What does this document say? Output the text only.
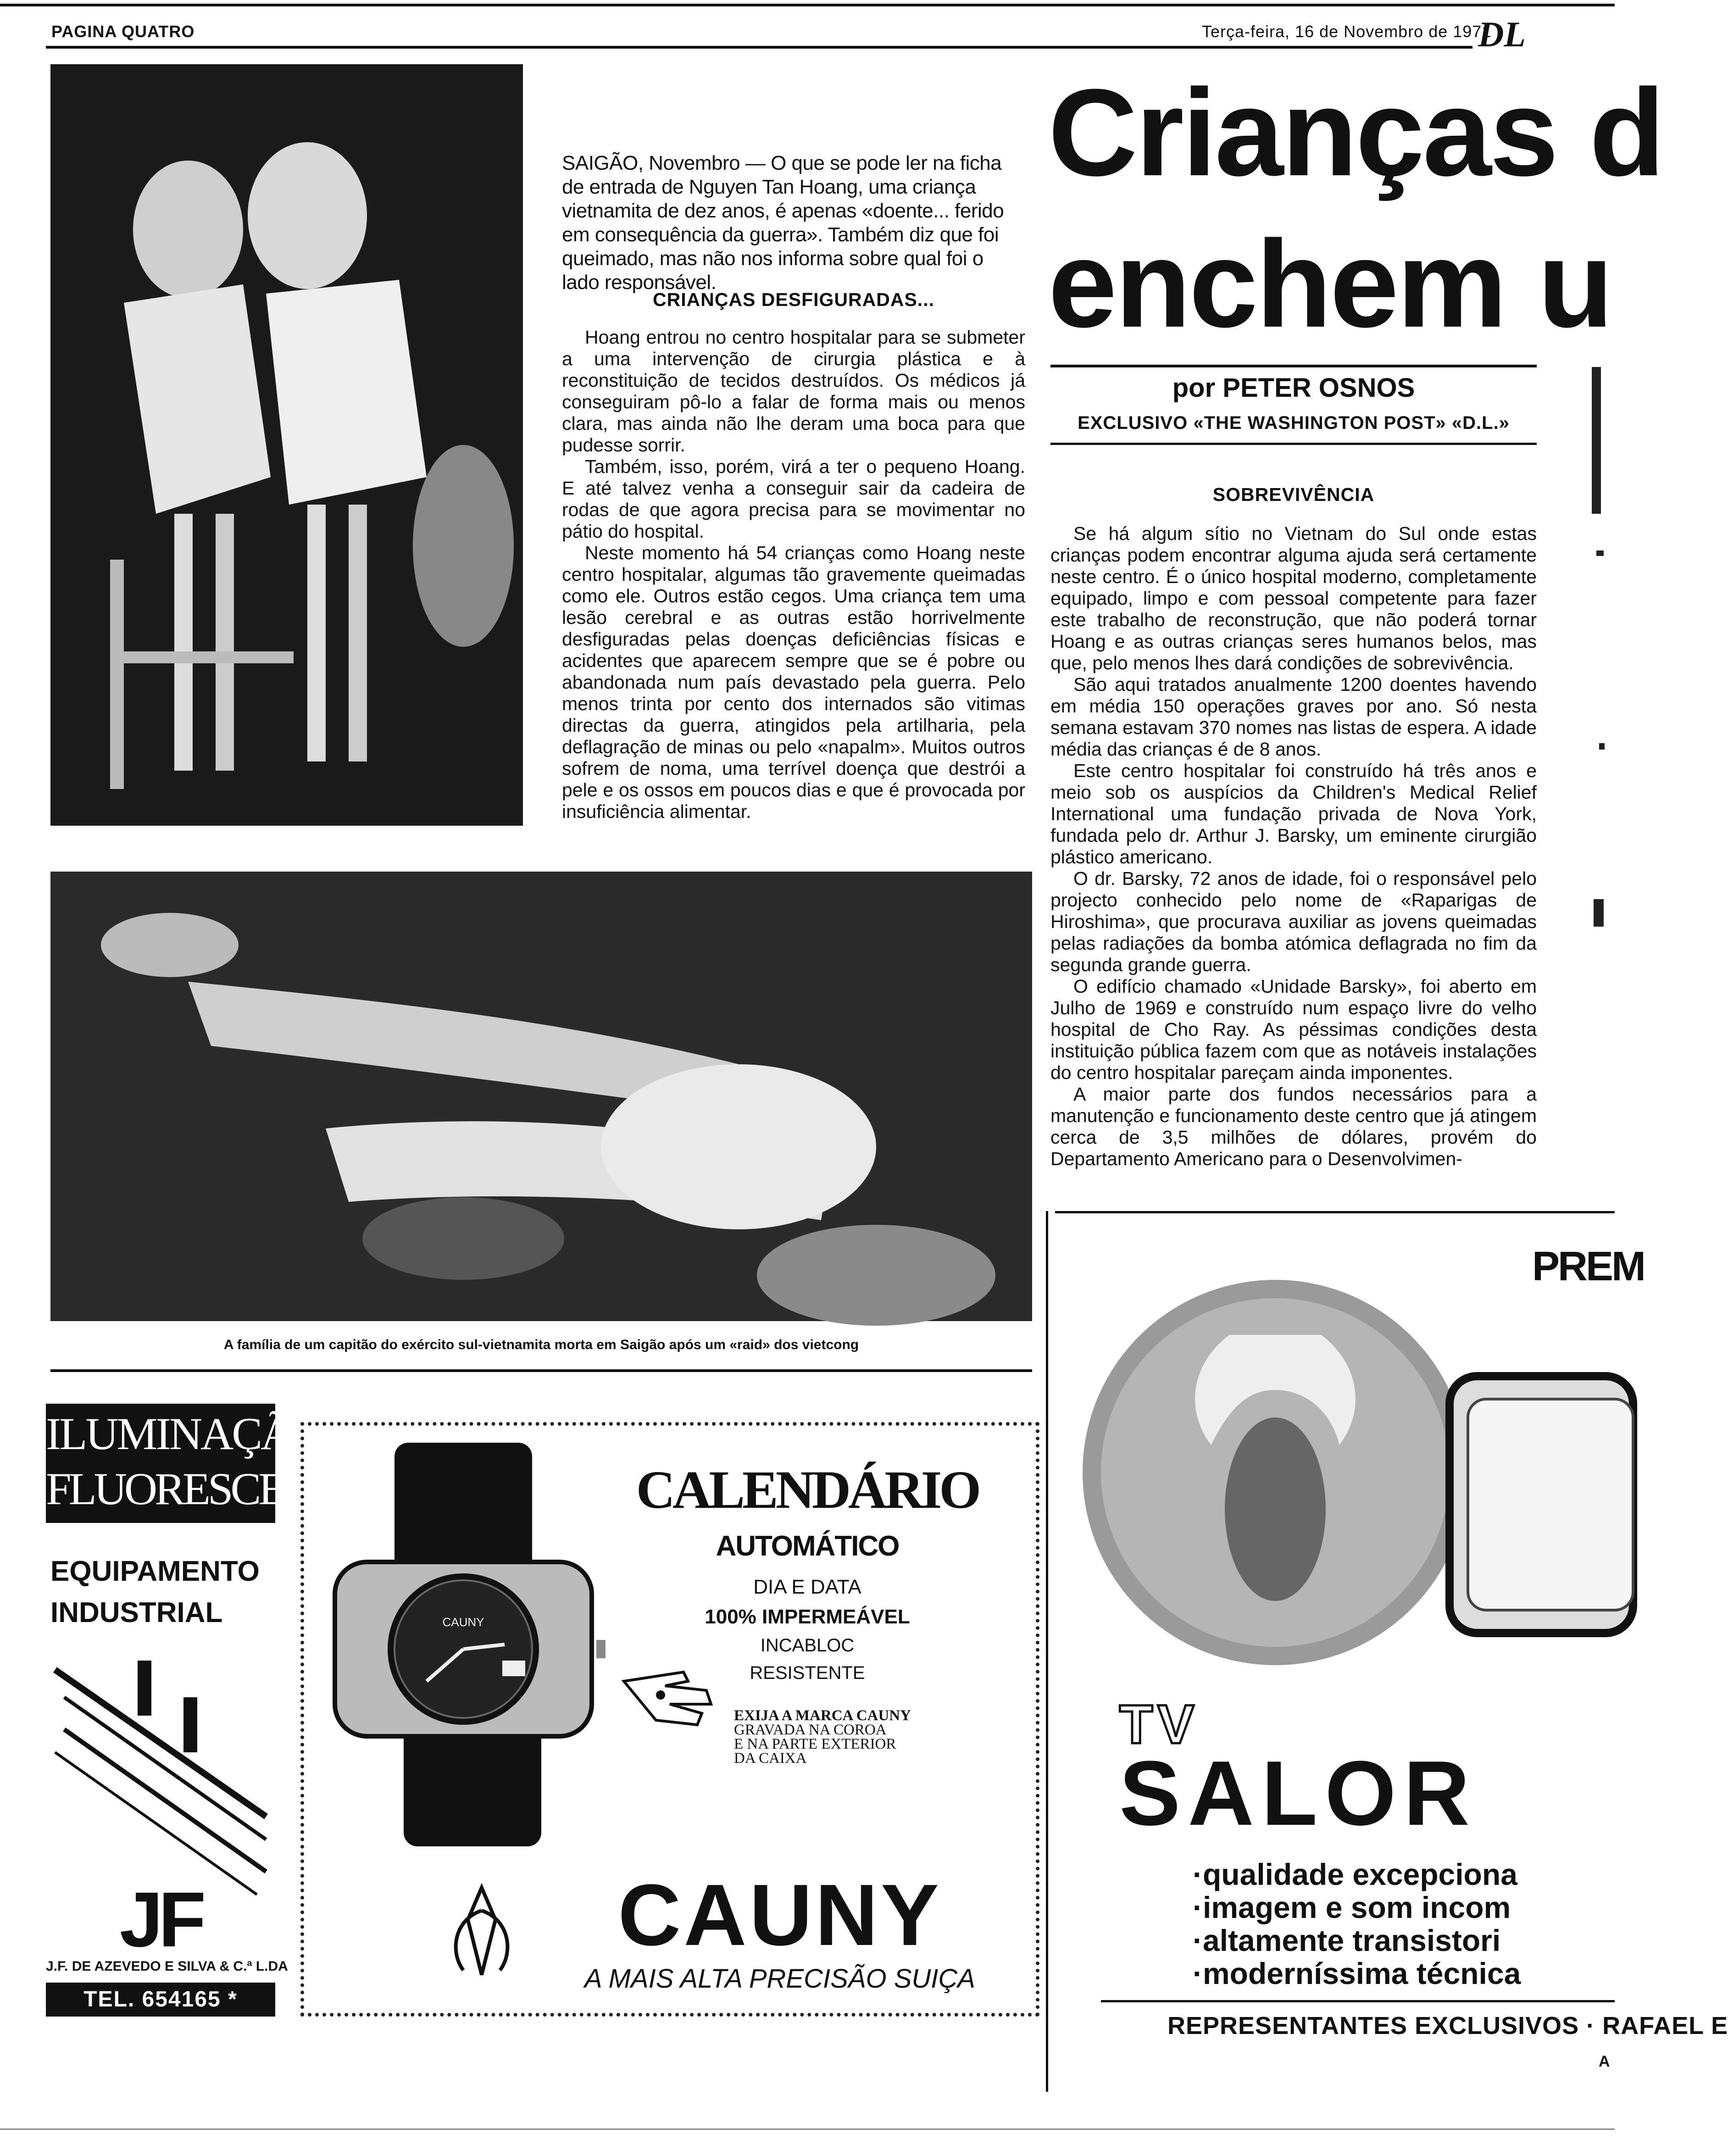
PAGINA QUATRO	Terça-feira, 16 de Novembro de 1971
DL
SAIGÃO, Novembro — O que se pode ler na ficha de entrada de Nguyen Tan Hoang, uma criança vietnamita de dez anos, é apenas «doente... ferido em consequência da guerra». Também diz que foi queimado, mas não nos informa sobre qual foi o lado responsável.
CRIANÇAS DESFIGURADAS...

Hoang entrou no centro hospitalar para se submeter a uma intervenção de cirurgia plástica e à reconstituição de tecidos destruídos. Os médicos já conseguiram pô-lo a falar de forma mais ou menos clara, mas ainda não lhe deram uma boca para que pudesse sorrir.

Também, isso, porém, virá a ter o pequeno Hoang. E até talvez venha a conseguir sair da cadeira de rodas de que agora precisa para se movimentar no pátio do hospital.

Neste momento há 54 crianças como Hoang neste centro hospitalar, algumas tão gravemente queimadas como ele. Outros estão cegos. Uma criança tem uma lesão cerebral e as outras estão horrivelmente desfiguradas pelas doenças deficiências físicas e acidentes que aparecem sempre que se é pobre ou abandonada num país devastado pela guerra. Pelo menos trinta por cento dos internados são vitimas directas da guerra, atingidos pela artilharia, pela deflagração de minas ou pelo «napalm». Muitos outros sofrem de noma, uma terrível doença que destrói a pele e os ossos em poucos dias e que é provocada por insuficiência alimentar.

Crianças d
enchem u
por PETER OSNOS
EXCLUSIVO «THE WASHINGTON POST» «D.L.»
SOBREVIVÊNCIA

Se há algum sítio no Vietnam do Sul onde estas crianças podem encontrar alguma ajuda será certamente neste centro. É o único hospital moderno, completamente equipado, limpo e com pessoal competente para fazer este trabalho de reconstrução, que não poderá tornar Hoang e as outras crianças seres humanos belos, mas que, pelo menos lhes dará condições de sobrevivência.

São aqui tratados anualmente 1200 doentes havendo em média 150 operações graves por ano. Só nesta semana estavam 370 nomes nas listas de espera. A idade média das crianças é de 8 anos.

Este centro hospitalar foi construído há três anos e meio sob os auspícios da Children's Medical Relief International uma fundação privada de Nova York, fundada pelo dr. Arthur J. Barsky, um eminente cirurgião plástico americano.

O dr. Barsky, 72 anos de idade, foi o responsável pelo projecto conhecido pelo nome de «Raparigas de Hiroshima», que procurava auxiliar as jovens queimadas pelas radiações da bomba atómica deflagrada no fim da segunda grande guerra.

O edifício chamado «Unidade Barsky», foi aberto em Julho de 1969 e construído num espaço livre do velho hospital de Cho Ray. As péssimas condições desta instituição pública fazem com que as notáveis instalações do centro hospitalar pareçam ainda imponentes.

A maior parte dos fundos necessários para a manutenção e funcionamento deste centro que já atingem cerca de 3,5 milhões de dólares, provém do Departamento Americano para o Desenvolvimen-

A família de um capitão do exército sul-vietnamita morta em Saigão após um «raid» dos vietcong
ILUMINAÇÃO
FLUORESCENTE
EQUIPAMENTO
INDUSTRIAL
JF
J.F. DE AZEVEDO E SILVA & C.ª L.DA
TEL. 654165 * LISBOA
CAUNY
CALENDÁRIO
AUTOMÁTICO
DIA E DATA
100% IMPERMEÁVEL
INCABLOC
RESISTENTE
EXIJA A MARCA CAUNY
GRAVADA NA COROA
E NA PARTE EXTERIOR
DA CAIXA
CAUNY
A MAIS ALTA PRECISÃO SUIÇA
PREM
TV
SALOR
·qualidade excepciona
·imagem e som incom
·altamente transistori
·moderníssima técnica
REPRESENTANTES EXCLUSIVOS · RAFAEL E
A
